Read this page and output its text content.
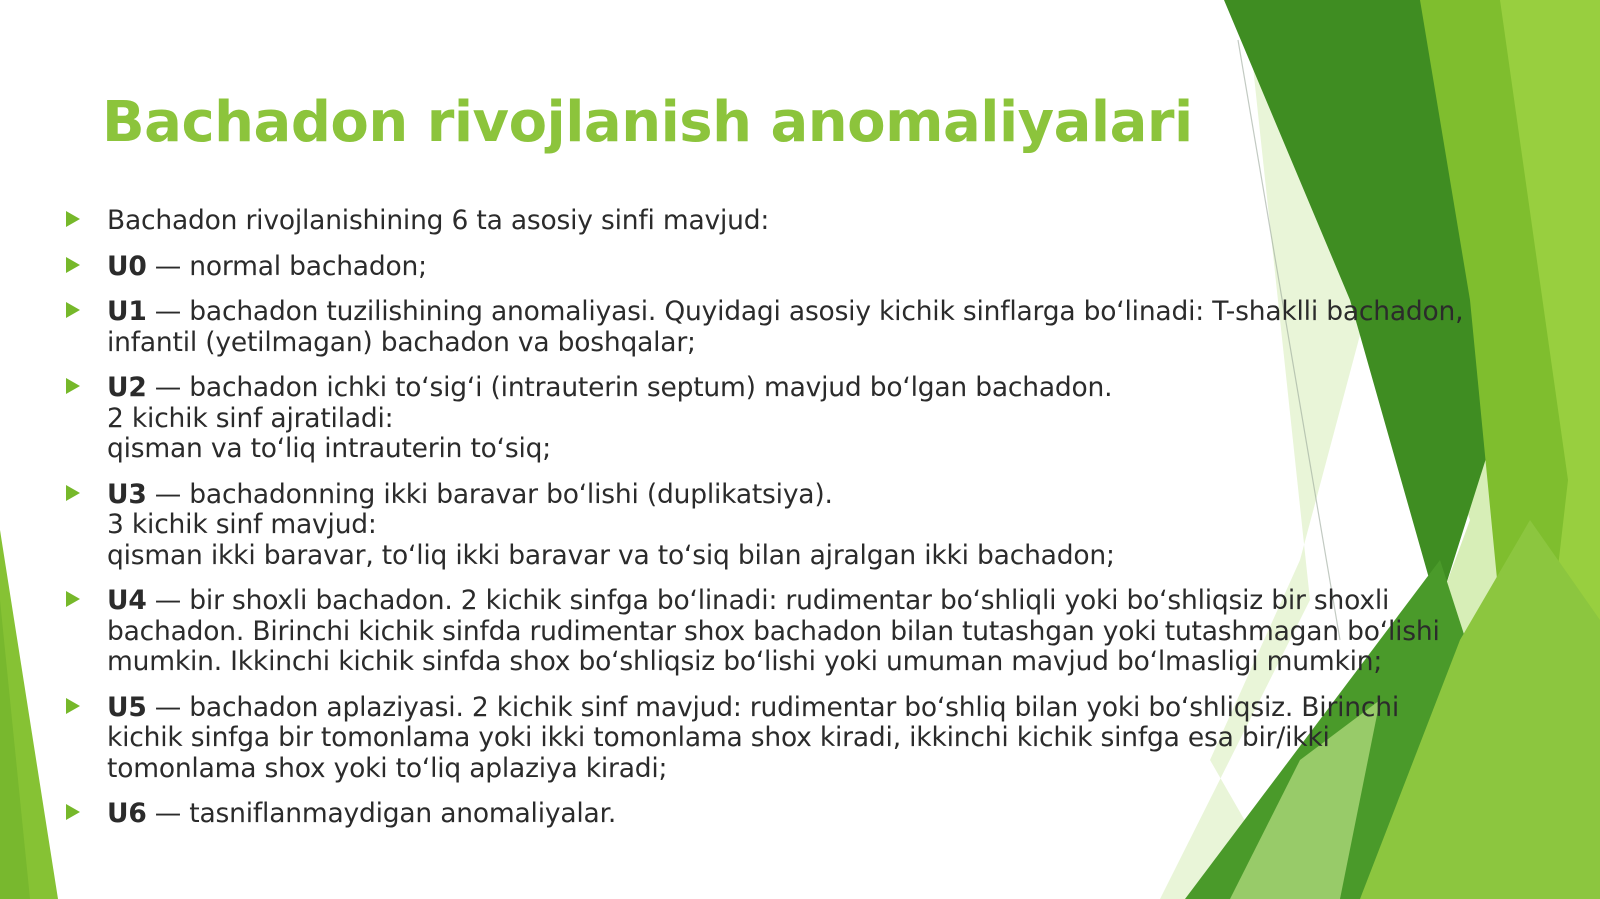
Bachadon rivojlanish anomaliyalari
Bachadon rivojlanishining 6 ta asosiy sinfi mavjud:
U0 — normal bachadon;
U1 — bachadon tuzilishining anomaliyasi. Quyidagi asosiy kichik sinflarga boʻlinadi: T-shaklli bachadon,
infantil (yetilmagan) bachadon va boshqalar;
U2 — bachadon ichki toʻsigʻi (intrauterin septum) mavjud boʻlgan bachadon.
2 kichik sinf ajratiladi:
qisman va toʻliq intrauterin toʻsiq;
U3 — bachadonning ikki baravar boʻlishi (duplikatsiya).
3 kichik sinf mavjud:
qisman ikki baravar, toʻliq ikki baravar va toʻsiq bilan ajralgan ikki bachadon;
U4 — bir shoxli bachadon. 2 kichik sinfga boʻlinadi: rudimentar boʻshliqli yoki boʻshliqsiz bir shoxli
bachadon. Birinchi kichik sinfda rudimentar shox bachadon bilan tutashgan yoki tutashmagan boʻlishi
mumkin. Ikkinchi kichik sinfda shox boʻshliqsiz boʻlishi yoki umuman mavjud boʻlmasligi mumkin;
U5 — bachadon aplaziyasi. 2 kichik sinf mavjud: rudimentar boʻshliq bilan yoki boʻshliqsiz. Birinchi
kichik sinfga bir tomonlama yoki ikki tomonlama shox kiradi, ikkinchi kichik sinfga esa bir/ikki
tomonlama shox yoki toʻliq aplaziya kiradi;
U6 — tasniflanmaydigan anomaliyalar.
